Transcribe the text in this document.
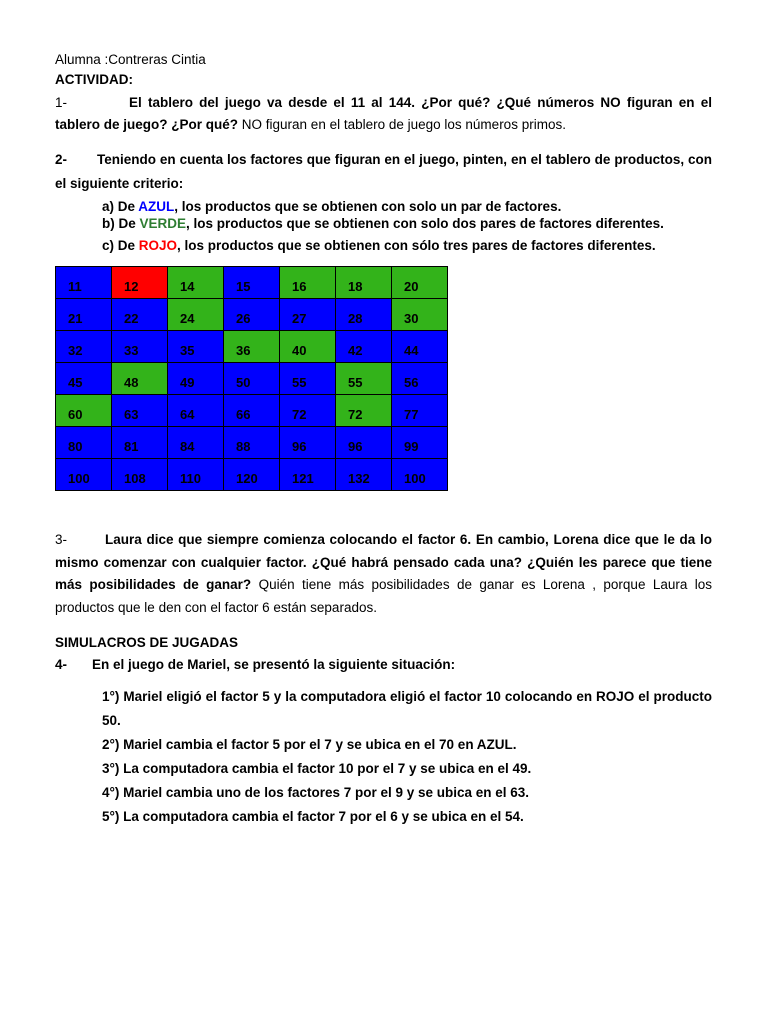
Alumna :Contreras Cintia
ACTIVIDAD:
1-	El tablero del juego va desde el 11 al 144. ¿Por qué? ¿Qué números NO figuran en el tablero de juego? ¿Por qué? NO figuran en el tablero de juego los números primos.
2- Teniendo en cuenta los factores que figuran en el juego, pinten, en el tablero de productos, con el siguiente criterio:
a) De AZUL, los productos que se obtienen con solo un par de factores.
b) De VERDE, los productos que se obtienen con solo dos pares de factores diferentes.
c) De ROJO, los productos que se obtienen con sólo tres pares de factores diferentes.
11	12	14	15	16	18	20
21	22	24	26	27	28	30
32	33	35	36	40	42	44
45	48	49	50	55	55	56
60	63	64	66	72	72	77
80	81	84	88	96	96	99
100	108	110	120	121	132	100
3-	Laura dice que siempre comienza colocando el factor 6. En cambio, Lorena dice que le da lo mismo comenzar con cualquier factor. ¿Qué habrá pensado cada una? ¿Quién les parece que tiene más posibilidades de ganar? Quién tiene más posibilidades de ganar es Lorena , porque Laura los productos que le den con el factor 6 están separados.
SIMULACROS DE JUGADAS
4- En el juego de Mariel, se presentó la siguiente situación:
1°) Mariel eligió el factor 5 y la computadora eligió el factor 10 colocando en ROJO el producto 50.
2°) Mariel cambia el factor 5 por el 7 y se ubica en el 70 en AZUL.
3°) La computadora cambia el factor 10 por el 7 y se ubica en el 49.
4°) Mariel cambia uno de los factores 7 por el 9 y se ubica en el 63.
5°) La computadora cambia el factor 7 por el 6 y se ubica en el 54.
